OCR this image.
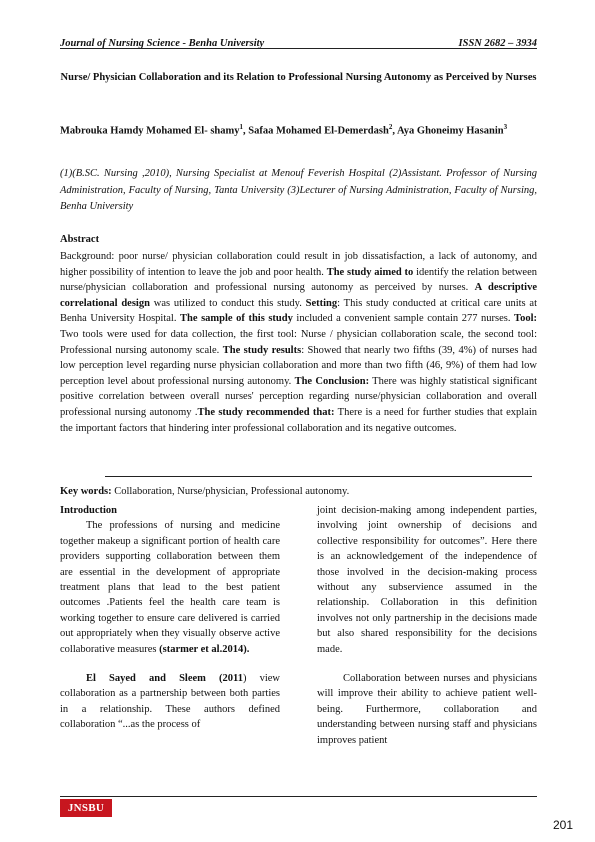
Journal of Nursing Science - Benha University	ISSN 2682 – 3934
Nurse/ Physician Collaboration and its Relation to Professional Nursing Autonomy as Perceived by Nurses
Mabrouka Hamdy Mohamed El- shamy$^1$, Safaa Mohamed El-Demerdash$^2$, Aya Ghoneimy Hasanin$^3$
(1)(B.SC. Nursing ,2010), Nursing Specialist at Menouf Feverish Hospital (2)Assistant. Professor of Nursing Administration, Faculty of Nursing, Tanta University (3)Lecturer of Nursing Administration, Faculty of Nursing, Benha University
Abstract
Background: poor nurse/ physician collaboration could result in job dissatisfaction, a lack of autonomy, and higher possibility of intention to leave the job and poor health. The study aimed to identify the relation between nurse/physician collaboration and professional nursing autonomy as perceived by nurses. A descriptive correlational design was utilized to conduct this study. Setting: This study conducted at critical care units at Benha University Hospital. The sample of this study included a convenient sample contain 277 nurses. Tool: Two tools were used for data collection, the first tool: Nurse / physician collaboration scale, the second tool: Professional nursing autonomy scale. The study results: Showed that nearly two fifths (39, 4%) of nurses had low perception level regarding nurse physician collaboration and more than two fifth (46, 9%) of them had low perception level about professional nursing autonomy. The Conclusion: There was highly statistical significant positive correlation between overall nurses' perception regarding nurse/physician collaboration and overall professional nursing autonomy .The study recommended that: There is a need for further studies that explain the important factors that hindering inter professional collaboration and its negative outcomes.
Key words: Collaboration, Nurse/physician, Professional autonomy.

Introduction

The professions of nursing and medicine together makeup a significant portion of health care providers supporting collaboration between them are essential in the development of appropriate treatment plans that lead to the best patient outcomes .Patients feel the health care team is working together to ensure care delivered is carried out appropriately when they visually observe active collaborative measures (starmer et al.2014).

El Sayed and Sleem (2011) view collaboration as a partnership between both parties in a relationship. These authors defined collaboration “...as the process of

joint decision-making among independent parties, involving joint ownership of decisions and collective responsibility for outcomes”. Here there is an acknowledgement of the independence of those involved in the decision-making process without any subservience assumed in the relationship. Collaboration in this definition involves not only partnership in the decisions made but also shared responsibility for the decisions made.

Collaboration between nurses and physicians will improve their ability to achieve patient well-being. Furthermore, collaboration and understanding between nursing staff and physicians improves patient

JNSBU
201
